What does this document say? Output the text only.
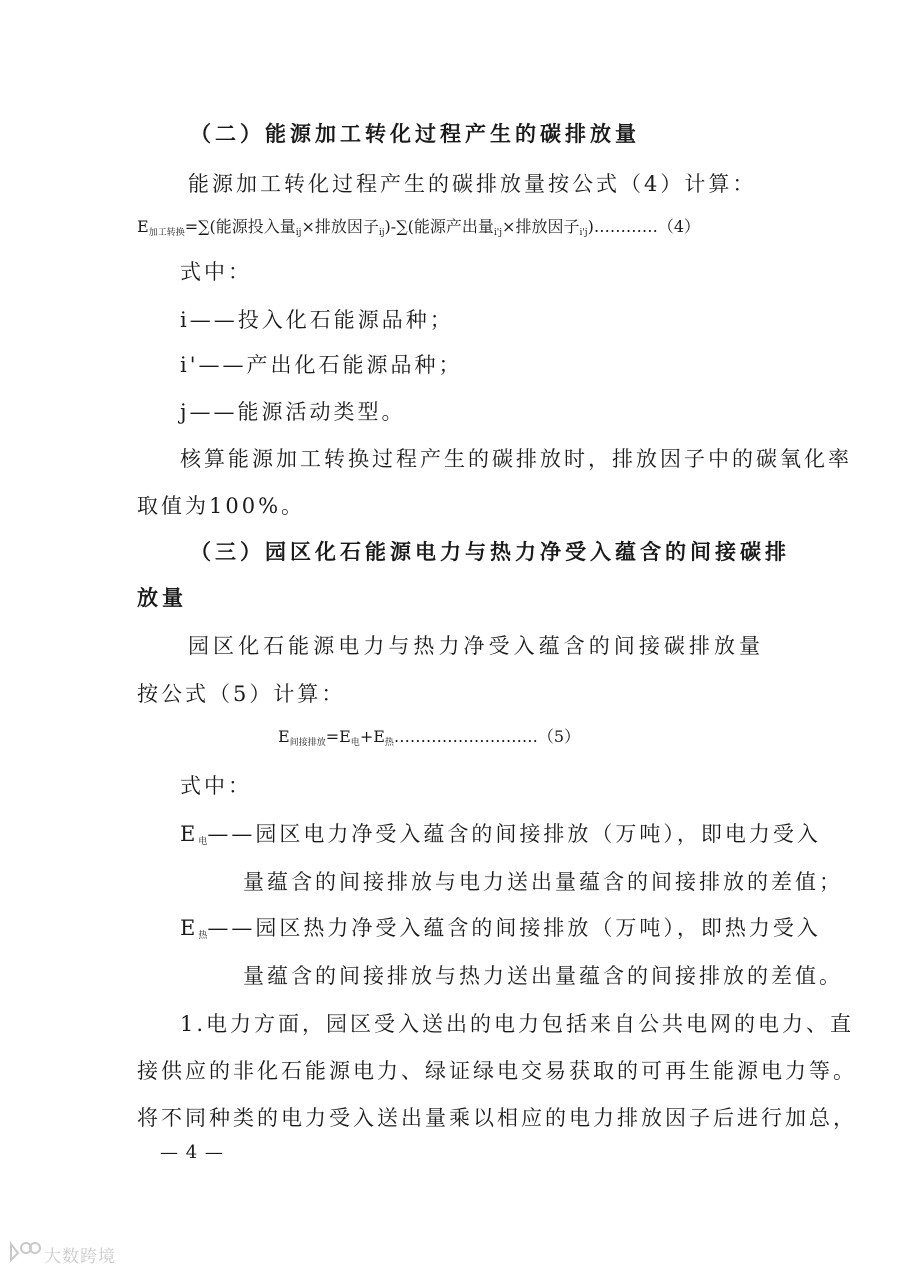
（二）能源加工转化过程产生的碳排放量
能源加工转化过程产生的碳排放量按公式（4）计算：
$E_{加工转换}=\sum$(能源投入量$_{ij}$×排放因子$_{ij}$)-∑(能源产出量$_{i'j}$×排放因子$_{i'j}$)…………（4）
式中：
i——投入化石能源品种；
i'——产出化石能源品种；
j——能源活动类型。
核算能源加工转换过程产生的碳排放时，排放因子中的碳氧化率
取值为100%。
（三）园区化石能源电力与热力净受入蕴含的间接碳排
放量
园区化石能源电力与热力净受入蕴含的间接碳排放量
按公式（5）计算：
$E_{间接排放}=E_电+E_热\dots\dots\dots\dots\dots\dots\dots\dots\dots(5)$
式中：
$E_电——$园区电力净受入蕴含的间接排放（万吨），即电力受入
量蕴含的间接排放与电力送出量蕴含的间接排放的差值；
$E_热——$园区热力净受入蕴含的间接排放（万吨），即热力受入
量蕴含的间接排放与热力送出量蕴含的间接排放的差值。
1.电力方面，园区受入送出的电力包括来自公共电网的电力、直
接供应的非化石能源电力、绿证绿电交易获取的可再生能源电力等。
将不同种类的电力受入送出量乘以相应的电力排放因子后进行加总，
— 4 —
大数跨境
